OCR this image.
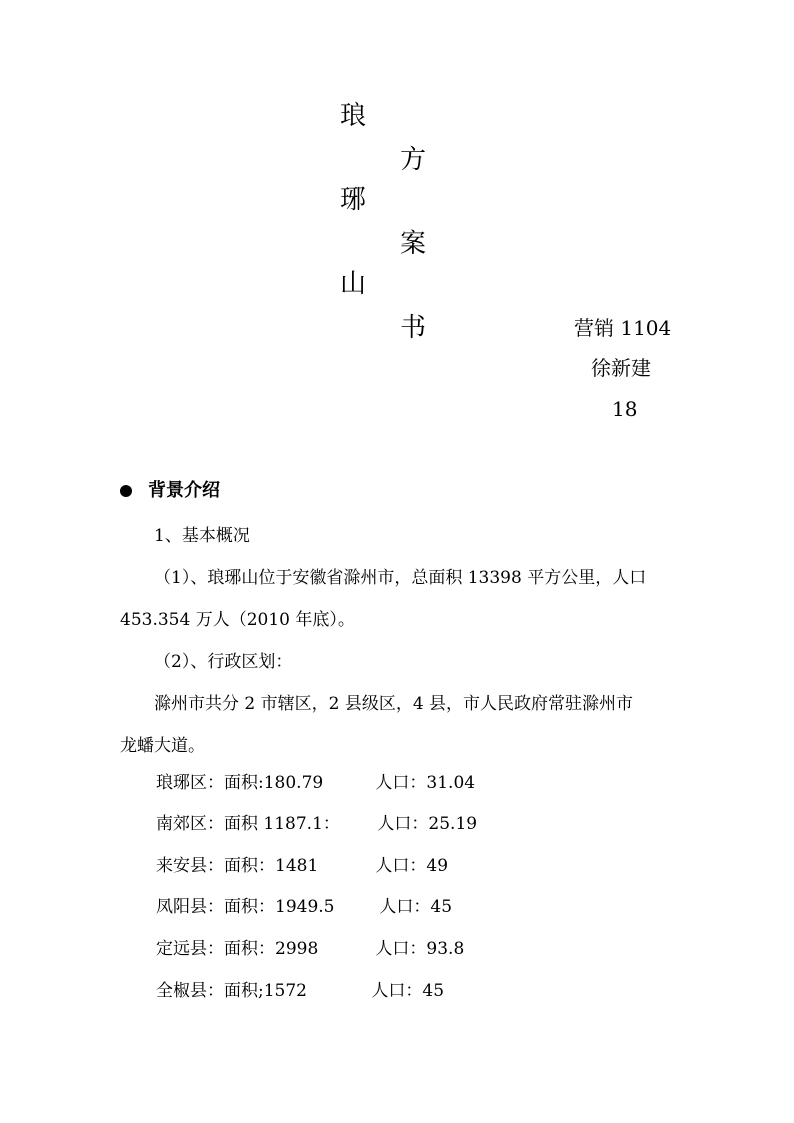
琅
琊
山
方
案
书	营销 1104
徐新建
18
背景介绍
1、基本概况
（1）、琅琊山位于安徽省滁州市，总面积 13398 平方公里，人口
453.354 万人（2010 年底）。
（2）、行政区划：
滁州市共分 2 市辖区，2 县级区，4 县，市人民政府常驻滁州市
龙蟠大道。
琅琊区：面积:180.79	人口：31.04
南郊区：面积 1187.1： 人口：25.19
来安县：面积：1481	人口：49
凤阳县：面积：1949.5	人口：45
定远县：面积：2998	人口：93.8
全椒县：面积;1572	人口：45
